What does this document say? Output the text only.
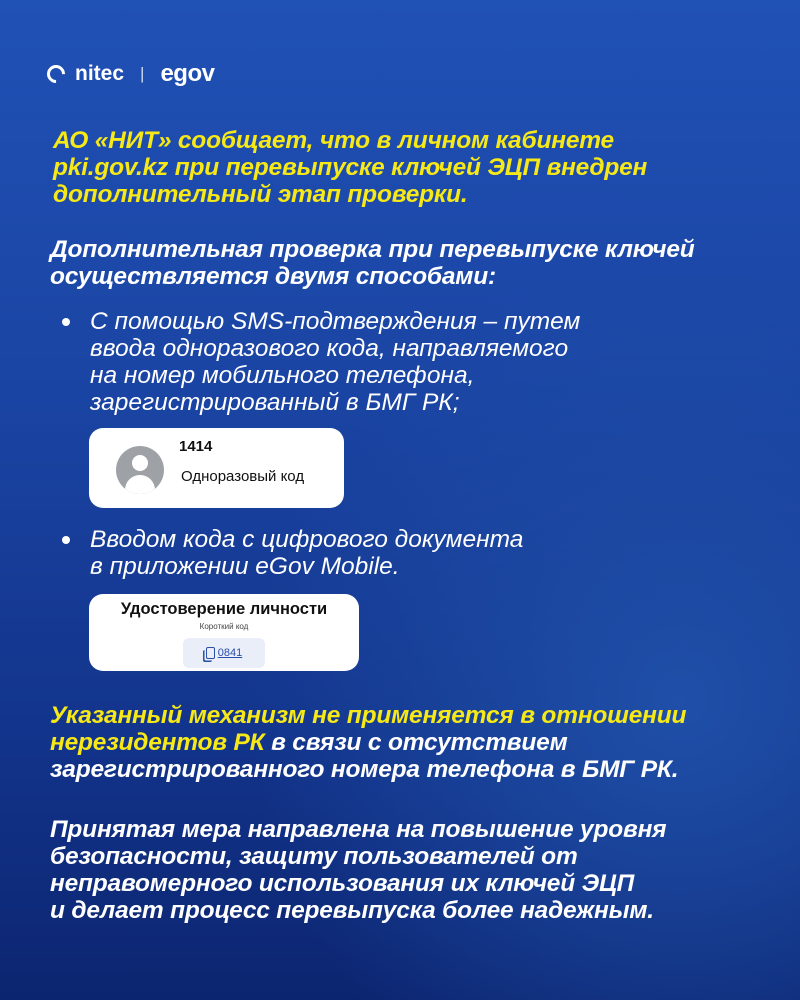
nitec | egov
АО «НИТ» сообщает, что в личном кабинете
pki.gov.kz при перевыпуске ключей ЭЦП внедрен
дополнительный этап проверки.
Дополнительная проверка при перевыпуске ключей
осуществляется двумя способами:

С помощью SMS-подтверждения – путем

ввода одноразового кода, направляемого

на номер мобильного телефона,

зарегистрированный в БМГ РК;

1414
Одноразовый код

Вводом кода с цифрового документа

в приложении eGov Mobile.

Удостоверение личности
Короткий код
0841
Указанный механизм не применяется в отношении
нерезидентов РК в связи с отсутствием
зарегистрированного номера телефона в БМГ РК.
Принятая мера направлена на повышение уровня
безопасности, защиту пользователей от
неправомерного использования их ключей ЭЦП
и делает процесс перевыпуска более надежным.
